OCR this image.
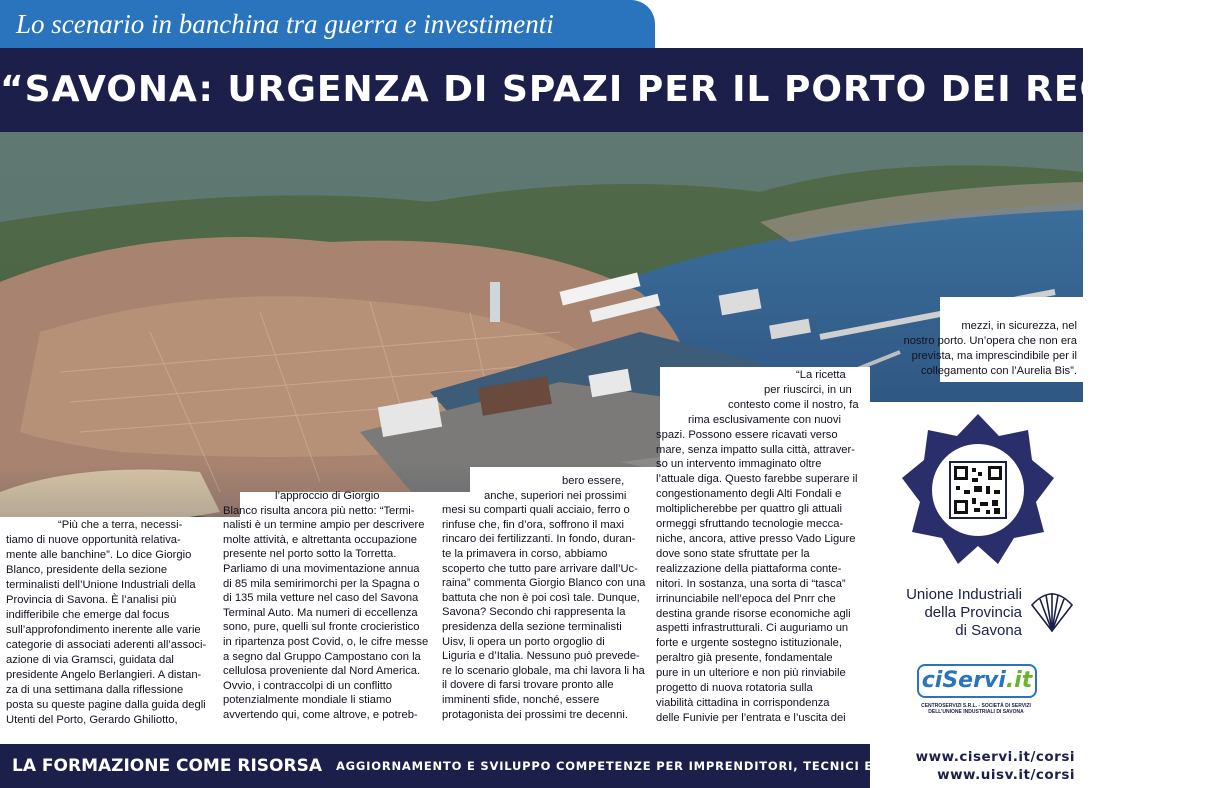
Lo scenario in banchina tra guerra e investimenti
“SAVONA: URGENZA DI SPAZI PER IL PORTO DEI RECORD”

“Più che a terra, necessi-

tiamo di nuove opportunità relativa-

mente alle banchine”. Lo dice Giorgio

Blanco, presidente della sezione

terminalisti dell’Unione Industriali della

Provincia di Savona. È l’analisi più

indifferibile che emerge dal focus

sull’approfondimento inerente alle varie

categorie di associati aderenti all’associ-

azione di via Gramsci, guidata dal

presidente Angelo Berlangieri. A distan-

za di una settimana dalla riflessione

posta su queste pagine dalla guida degli

Utenti del Porto, Gerardo Ghiliotto,

l’approccio di Giorgio

Blanco risulta ancora più netto: “Termi-

nalisti è un termine ampio per descrivere

molte attività, e altrettanta occupazione

presente nel porto sotto la Torretta.

Parliamo di una movimentazione annua

di 85 mila semirimorchi per la Spagna o

di 135 mila vetture nel caso del Savona

Terminal Auto. Ma numeri di eccellenza

sono, pure, quelli sul fronte crocieristico

in ripartenza post Covid, o, le cifre messe

a segno dal Gruppo Campostano con la

cellulosa proveniente dal Nord America.

Ovvio, i contraccolpi di un conflitto

potenzialmente mondiale li stiamo

avvertendo qui, come altrove, e potreb-

bero essere,

anche, superiori nei prossimi

mesi su comparti quali acciaio, ferro o

rinfuse che, fin d’ora, soffrono il maxi

rincaro dei fertilizzanti. In fondo, duran-

te la primavera in corso, abbiamo

scoperto che tutto pare arrivare dall’Uc-

raina” commenta Giorgio Blanco con una

battuta che non è poi così tale. Dunque,

Savona? Secondo chi rappresenta la

presidenza della sezione terminalisti

Uisv, li opera un porto orgoglio di

Liguria e d’Italia. Nessuno può prevede-

re lo scenario globale, ma chi lavora li ha

il dovere di farsi trovare pronto alle

imminenti sfide, nonché, essere

protagonista dei prossimi tre decenni.

“La ricetta

per riuscirci, in un

contesto come il nostro, fa

rima esclusivamente con nuovi

spazi. Possono essere ricavati verso

mare, senza impatto sulla città, attraver-

so un intervento immaginato oltre

l’attuale diga. Questo farebbe superare il

congestionamento degli Alti Fondali e

moltiplicherebbe per quattro gli attuali

ormeggi sfruttando tecnologie mecca-

niche, ancora, attive presso Vado Ligure

dove sono state sfruttate per la

realizzazione della piattaforma conte-

nitori. In sostanza, una sorta di “tasca”

irrinunciabile nell’epoca del Pnrr che

destina grande risorse economiche agli

aspetti infrastrutturali. Ci auguriamo un

forte e urgente sostegno istituzionale,

peraltro già presente, fondamentale

pure in un ulteriore e non più rinviabile

progetto di nuova rotatoria sulla

viabilità cittadina in corrispondenza

delle Funivie per l’entrata e l’uscita dei

mezzi, in sicurezza, nel

nostro porto. Un’opera che non era

prevista, ma imprescindibile per il

collegamento con l’Aurelia Bis”.

Unione Industriali
della Provincia
di Savona
ciServi.it
CENTROSERVIZI S.R.L. - SOCIETÀ DI SERVIZI
DELL’UNIONE INDUSTRIALI DI SAVONA
LA FORMAZIONE COME RISORSA AGGIORNAMENTO E SVILUPPO COMPETENZE PER IMPRENDITORI, TECNICI E PROFESSIONISTI
www.ciservi.it/corsi
www.uisv.it/corsi
